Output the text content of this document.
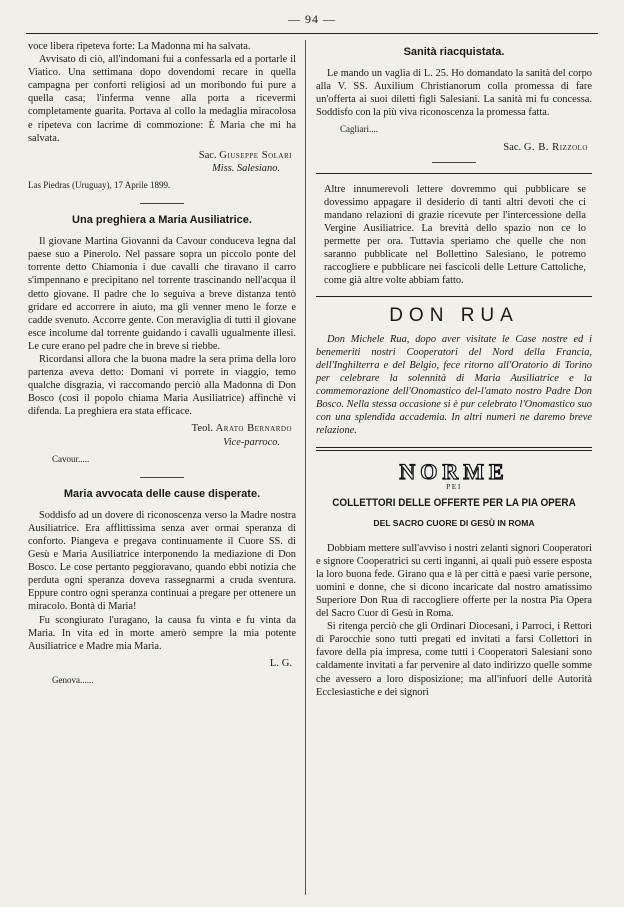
— 94 —

voce libera ripeteva forte: La Madonna mi ha salvata.

Avvisato di ciò, all'indomani fui a confessarla ed a portarle il Viatico. Una settimana dopo dovendomi recare in quella campagna per conforti religiosi ad un moribondo fui pure a quella casa; l'inferma venne alla porta a ricevermi completamente guarita. Portava al collo la medaglia miracolosa e ripeteva con lacrime di commozione: È Maria che mi ha salvata.

Sac. Giuseppe Solari
Miss. Salesiano.
Las Piedras (Uruguay), 17 Aprile 1899.
Una preghiera a Maria Ausiliatrice.

Il giovane Martina Giovanni da Cavour conduceva legna dal paese suo a Pinerolo. Nel passare sopra un piccolo ponte del torrente detto Chiamonia i due cavalli che tiravano il carro s'impennano e precipitano nel torrente trascinando nell'acqua il detto giovane. Il padre che lo seguiva a breve distanza tentò gridare ed accorrere in aiuto, ma gli venner meno le forze e cadde svenuto. Accorre gente. Con meraviglia di tutti il giovane esce incolume dal torrente guidando i cavalli ugualmente illesi. Le cure erano pel padre che in breve si riebbe.

Ricordansi allora che la buona madre la sera prima della loro partenza aveva detto: Domani vi porrete in viaggio, temo qualche disgrazia, vi raccomando perciò alla Madonna di Don Bosco (così il popolo chiama Maria Ausiliatrice) affinchè vi difenda. La preghiera era stata efficace.

Teol. Arato Bernardo
Vice-parroco.
Cavour.....
Maria avvocata delle cause disperate.

Soddisfo ad un dovere di riconoscenza verso la Madre nostra Ausiliatrice. Era afflittissima senza aver ormai speranza di conforto. Piangeva e pregava continuamente il Cuore SS. di Gesù e Maria Ausiliatrice interponendo la mediazione di Don Bosco. Le cose pertanto peggioravano, quando ebbi notizia che perduta ogni speranza doveva rassegnarmi a cruda sventura. Eppure contro ogni speranza continuai a pregare per ottenere un miracolo. Bontà di Maria!

Fu scongiurato l'uragano, la causa fu vinta e fu vinta da Maria. In vita ed in morte amerò sempre la mia potente Ausiliatrice e Madre mia Maria.

L. G.
Genova......
Sanità riacquistata.

Le mando un vaglia di L. 25. Ho domandato la sanità del corpo alla V. SS. Auxilium Christianorum colla promessa di fare un'offerta ai suoi diletti figli Salesiani. La sanità mi fu concessa. Soddisfo con la più viva riconoscenza la promessa fatta.

Cagliari....
Sac. G. B. Rizzolo

Altre innumerevoli lettere dovremmo qui pubblicare se dovessimo appagare il desiderio di tanti altri devoti che ci mandano relazioni di grazie ricevute per l'intercessione della Vergine Ausiliatrice. La brevità dello spazio non ce lo permette per ora. Tuttavia speriamo che quelle che non saranno pubblicate nel Bollettino Salesiano, le potremo raccogliere e pubblicare nei fascicoli delle Letture Cattoliche, come già altre volte abbiam fatto.

DON RUA

Don Michele Rua, dopo aver visitate le Case nostre ed i benemeriti nostri Cooperatori del Nord della Francia, dell'Inghilterra e del Belgio, fece ritorno all'Oratorio di Torino per celebrare la solennità di Maria Ausiliatrice e la commemorazione dell'Onomastico del-l'amato nostro Padre Don Bosco. Nella stessa occasione si è pur celebrato l'Onomastico suo con una splendida accademia. In altri numeri ne daremo breve relazione.

NORME
PEI
COLLETTORI DELLE OFFERTE PER LA PIA OPERA
DEL SACRO CUORE DI GESÙ IN ROMA

Dobbiam mettere sull'avviso i nostri zelanti signori Cooperatori e signore Cooperatrici su certi inganni, ai quali può essere esposta la loro buona fede. Girano qua e là per città e paesi varie persone, uomini e donne, che si dicono incaricate dal nostro amatissimo Superiore Don Rua di raccogliere offerte per la nostra Pia Opera del Sacro Cuor di Gesù in Roma.

Si ritenga perciò che gli Ordinari Diocesani, i Parroci, i Rettori di Parocchie sono tutti pregati ed invitati a farsi Collettori in favore della pia impresa, come tutti i Cooperatori Salesiani sono caldamente invitati a far pervenire al dato indirizzo quelle somme che avessero a loro disposizione; ma all'infuori delle Autorità Ecclesiastiche e dei signori
